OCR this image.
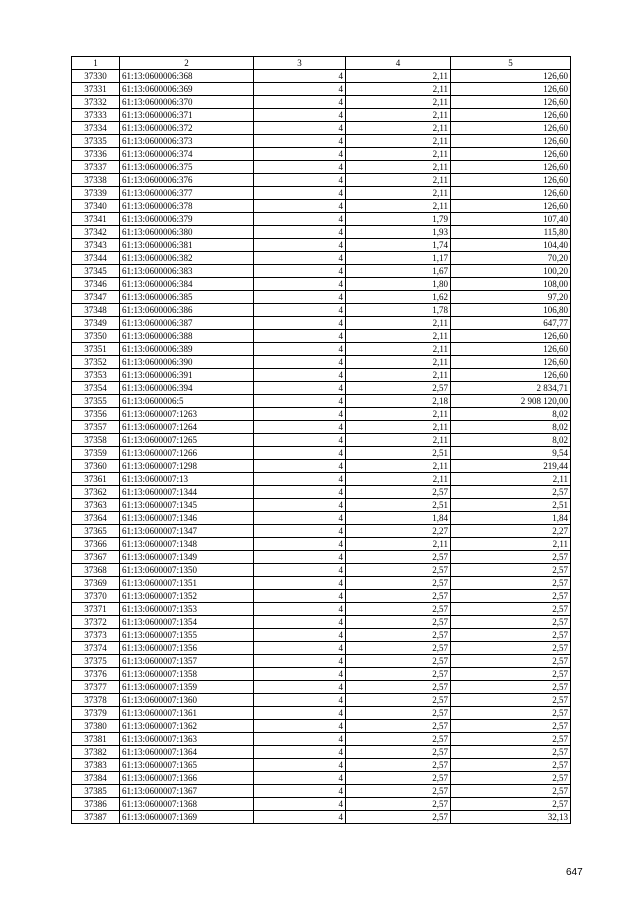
1	2	3	4	5
37330	61:13:0600006:368	4	2,11	126,60
37331	61:13:0600006:369	4	2,11	126,60
37332	61:13:0600006:370	4	2,11	126,60
37333	61:13:0600006:371	4	2,11	126,60
37334	61:13:0600006:372	4	2,11	126,60
37335	61:13:0600006:373	4	2,11	126,60
37336	61:13:0600006:374	4	2,11	126,60
37337	61:13:0600006:375	4	2,11	126,60
37338	61:13:0600006:376	4	2,11	126,60
37339	61:13:0600006:377	4	2,11	126,60
37340	61:13:0600006:378	4	2,11	126,60
37341	61:13:0600006:379	4	1,79	107,40
37342	61:13:0600006:380	4	1,93	115,80
37343	61:13:0600006:381	4	1,74	104,40
37344	61:13:0600006:382	4	1,17	70,20
37345	61:13:0600006:383	4	1,67	100,20
37346	61:13:0600006:384	4	1,80	108,00
37347	61:13:0600006:385	4	1,62	97,20
37348	61:13:0600006:386	4	1,78	106,80
37349	61:13:0600006:387	4	2,11	647,77
37350	61:13:0600006:388	4	2,11	126,60
37351	61:13:0600006:389	4	2,11	126,60
37352	61:13:0600006:390	4	2,11	126,60
37353	61:13:0600006:391	4	2,11	126,60
37354	61:13:0600006:394	4	2,57	2 834,71
37355	61:13:0600006:5	4	2,18	2 908 120,00
37356	61:13:0600007:1263	4	2,11	8,02
37357	61:13:0600007:1264	4	2,11	8,02
37358	61:13:0600007:1265	4	2,11	8,02
37359	61:13:0600007:1266	4	2,51	9,54
37360	61:13:0600007:1298	4	2,11	219,44
37361	61:13:0600007:13	4	2,11	2,11
37362	61:13:0600007:1344	4	2,57	2,57
37363	61:13:0600007:1345	4	2,51	2,51
37364	61:13:0600007:1346	4	1,84	1,84
37365	61:13:0600007:1347	4	2,27	2,27
37366	61:13:0600007:1348	4	2,11	2,11
37367	61:13:0600007:1349	4	2,57	2,57
37368	61:13:0600007:1350	4	2,57	2,57
37369	61:13:0600007:1351	4	2,57	2,57
37370	61:13:0600007:1352	4	2,57	2,57
37371	61:13:0600007:1353	4	2,57	2,57
37372	61:13:0600007:1354	4	2,57	2,57
37373	61:13:0600007:1355	4	2,57	2,57
37374	61:13:0600007:1356	4	2,57	2,57
37375	61:13:0600007:1357	4	2,57	2,57
37376	61:13:0600007:1358	4	2,57	2,57
37377	61:13:0600007:1359	4	2,57	2,57
37378	61:13:0600007:1360	4	2,57	2,57
37379	61:13:0600007:1361	4	2,57	2,57
37380	61:13:0600007:1362	4	2,57	2,57
37381	61:13:0600007:1363	4	2,57	2,57
37382	61:13:0600007:1364	4	2,57	2,57
37383	61:13:0600007:1365	4	2,57	2,57
37384	61:13:0600007:1366	4	2,57	2,57
37385	61:13:0600007:1367	4	2,57	2,57
37386	61:13:0600007:1368	4	2,57	2,57
37387	61:13:0600007:1369	4	2,57	32,13
647
